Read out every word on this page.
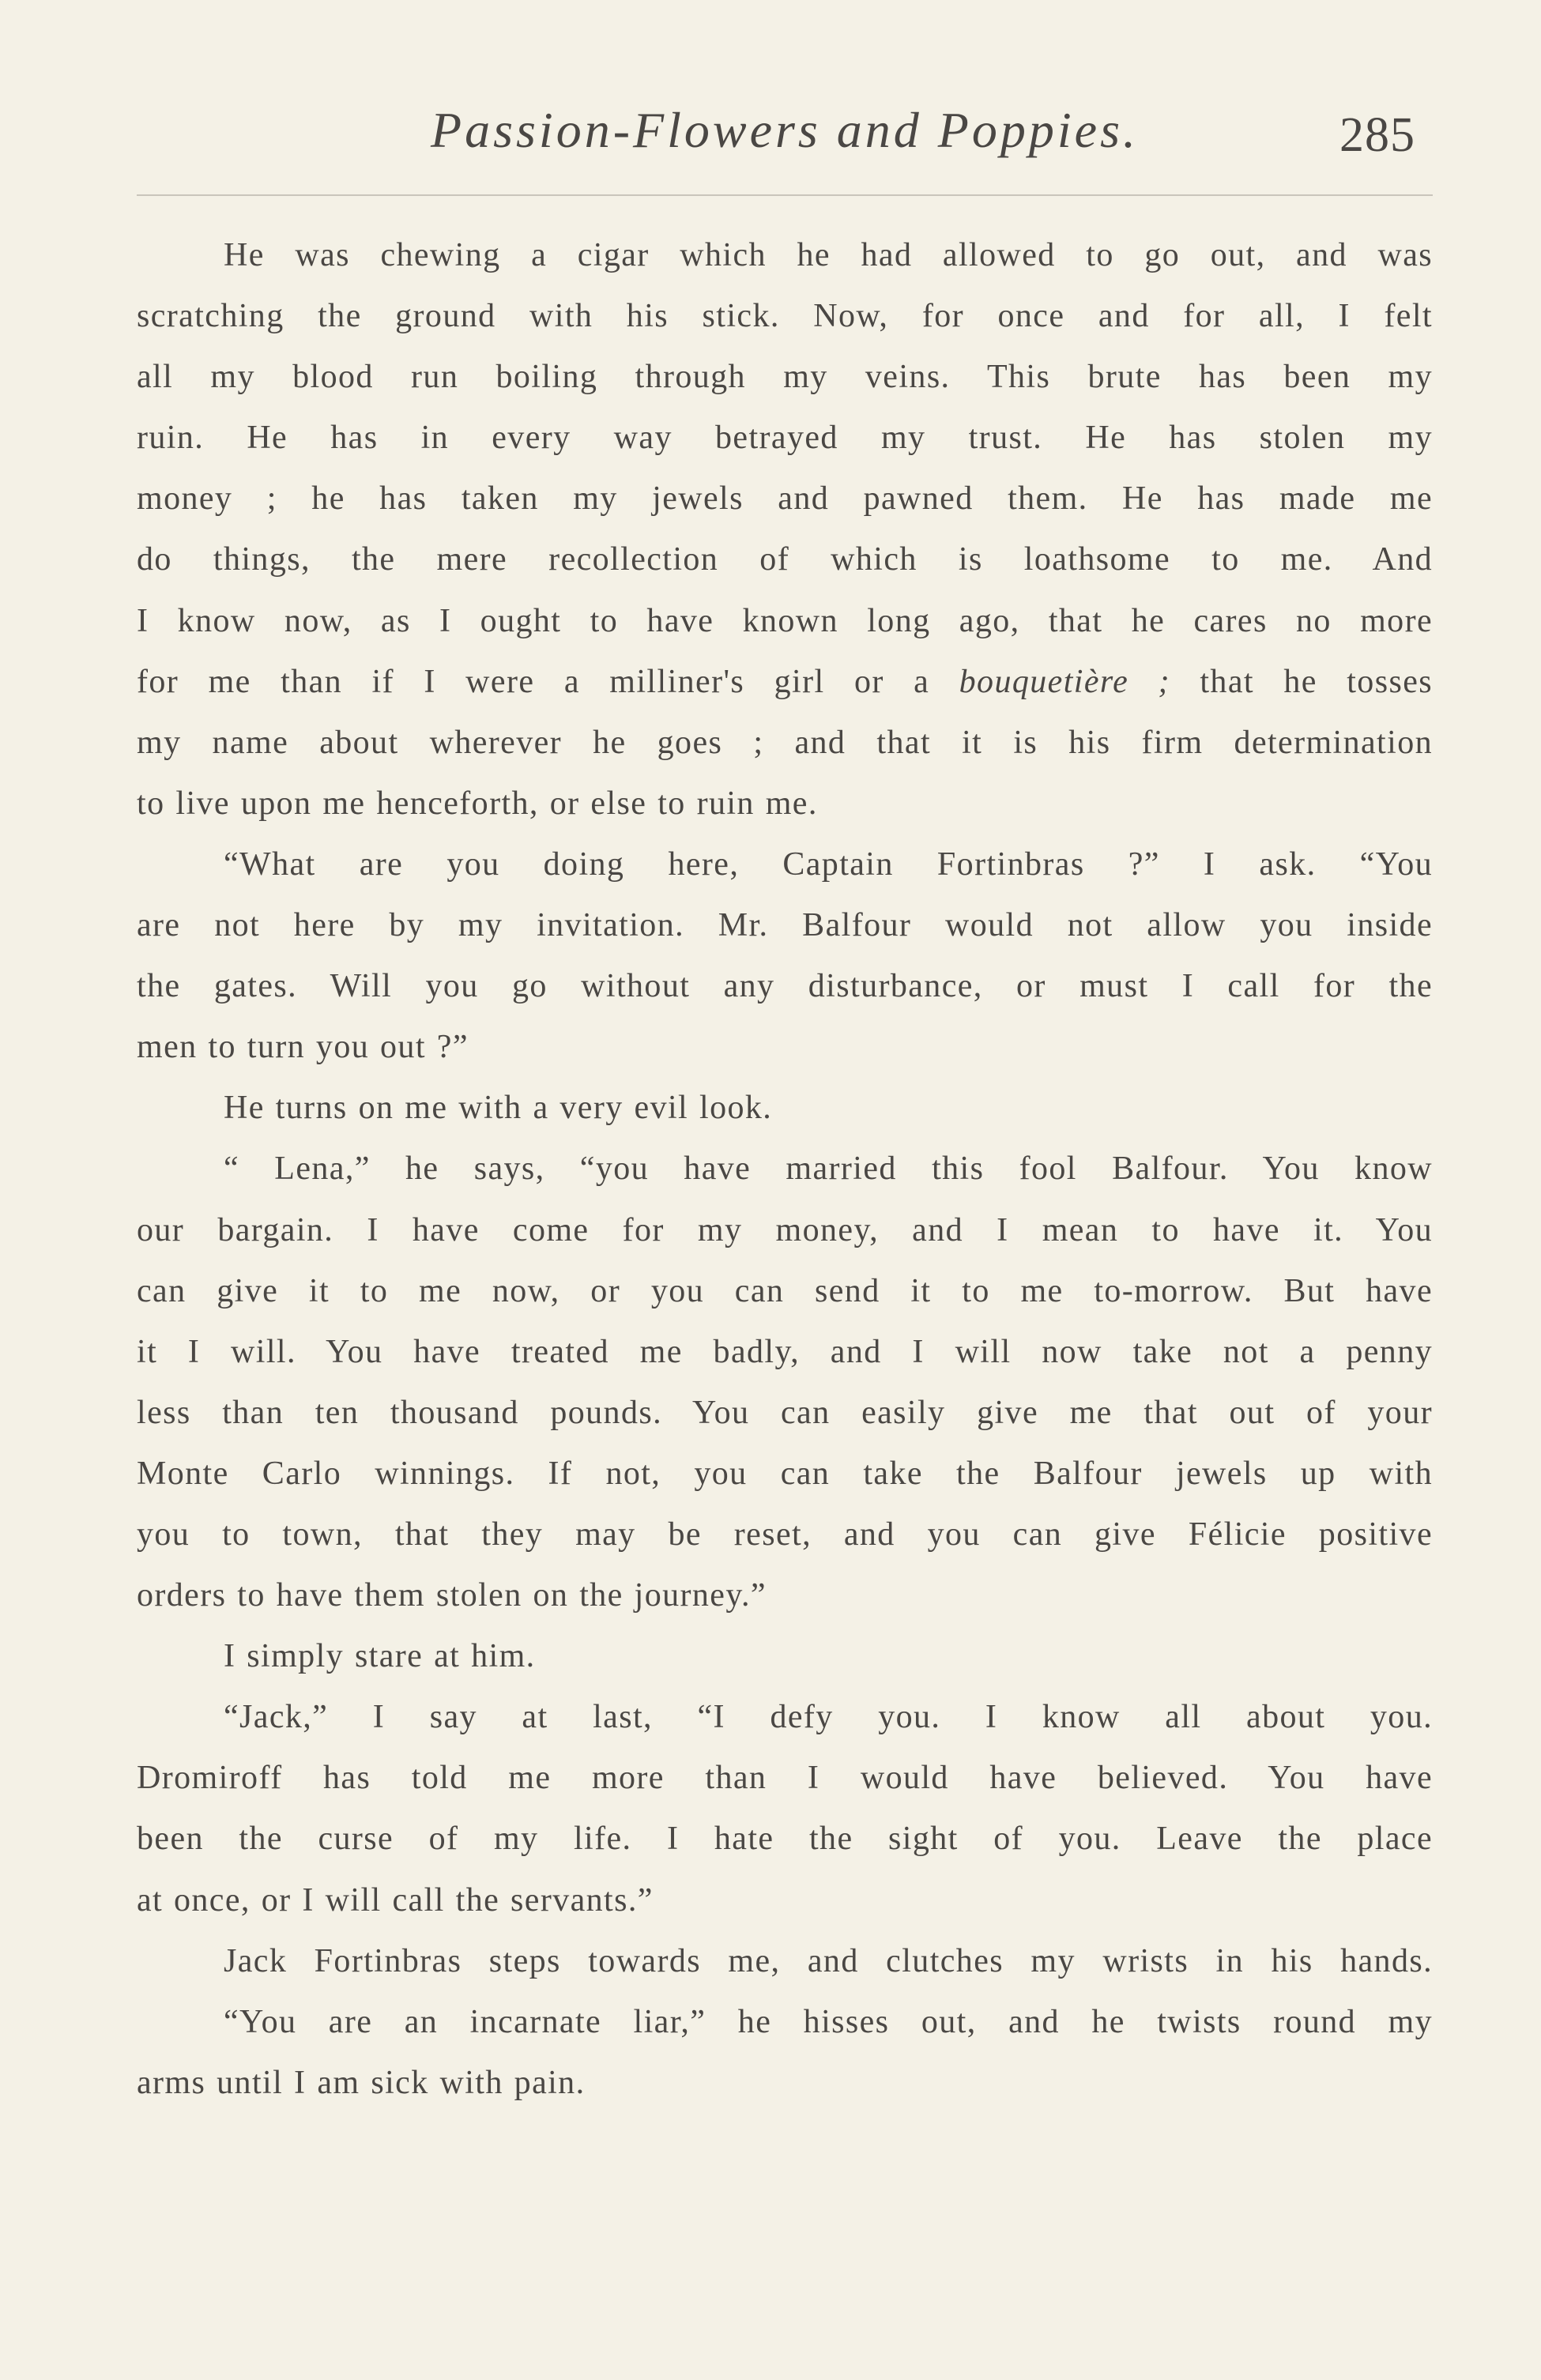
Passion-Flowers and Poppies.	285
He was chewing a cigar which he had allowed to go out, and was
scratching the ground with his stick. Now, for once and for all, I felt
all my blood run boiling through my veins. This brute has been my
ruin. He has in every way betrayed my trust. He has stolen my
money ; he has taken my jewels and pawned them. He has made me
do things, the mere recollection of which is loathsome to me. And
I know now, as I ought to have known long ago, that he cares no more
for me than if I were a milliner's girl or a bouquetière ; that he tosses
my name about wherever he goes ; and that it is his firm determination
to live upon me henceforth, or else to ruin me.
“What are you doing here, Captain Fortinbras ?” I ask. “You
are not here by my invitation. Mr. Balfour would not allow you inside
the gates. Will you go without any disturbance, or must I call for the
men to turn you out ?”
He turns on me with a very evil look.
“ Lena,” he says, “you have married this fool Balfour. You know
our bargain. I have come for my money, and I mean to have it. You
can give it to me now, or you can send it to me to-morrow. But have
it I will. You have treated me badly, and I will now take not a penny
less than ten thousand pounds. You can easily give me that out of your
Monte Carlo winnings. If not, you can take the Balfour jewels up with
you to town, that they may be reset, and you can give Félicie positive
orders to have them stolen on the journey.”
I simply stare at him.
“Jack,” I say at last, “I defy you. I know all about you.
Dromiroff has told me more than I would have believed. You have
been the curse of my life. I hate the sight of you. Leave the place
at once, or I will call the servants.”
Jack Fortinbras steps towards me, and clutches my wrists in his hands.
“You are an incarnate liar,” he hisses out, and he twists round my
arms until I am sick with pain.
